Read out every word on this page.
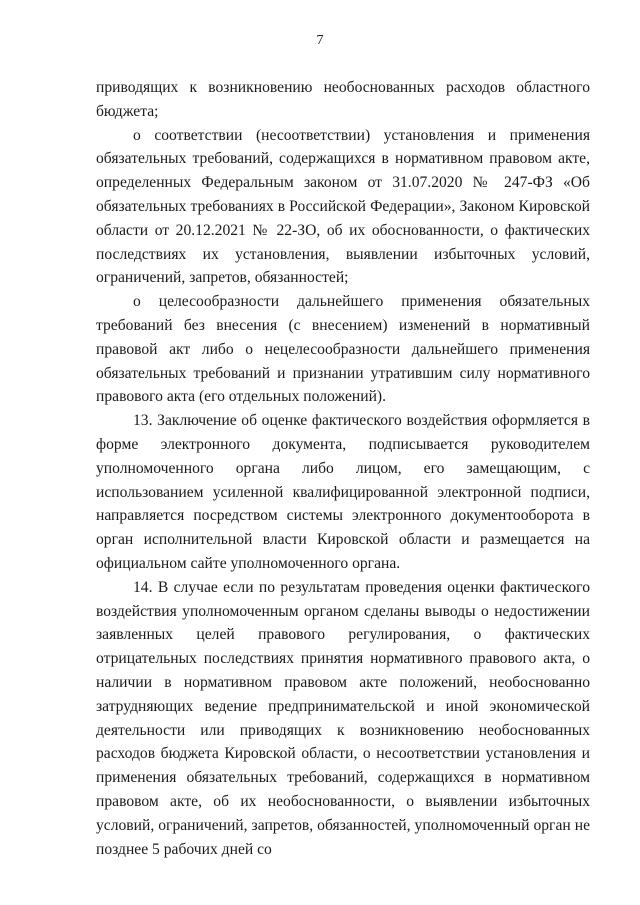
7

приводящих к возникновению необоснованных расходов областного бюджета;

о соответствии (несоответствии) установления и применения обязательных требований, содержащихся в нормативном правовом акте, определенных Федеральным законом от 31.07.2020 № 247-ФЗ «Об обязательных требованиях в Российской Федерации», Законом Кировской области от 20.12.2021 № 22-ЗО, об их обоснованности, о фактических последствиях их установления, выявлении избыточных условий, ограничений, запретов, обязанностей;

о целесообразности дальнейшего применения обязательных требований без внесения (с внесением) изменений в нормативный правовой акт либо о нецелесообразности дальнейшего применения обязательных требований и признании утратившим силу нормативного правового акта (его отдельных положений).

13. Заключение об оценке фактического воздействия оформляется в форме электронного документа, подписывается руководителем уполномоченного органа либо лицом, его замещающим, с использованием усиленной квалифицированной электронной подписи, направляется посредством системы электронного документооборота в орган исполнительной власти Кировской области и размещается на официальном сайте уполномоченного органа.

14. В случае если по результатам проведения оценки фактического воздействия уполномоченным органом сделаны выводы о недостижении заявленных целей правового регулирования, о фактических отрицательных последствиях принятия нормативного правового акта, о наличии в нормативном правовом акте положений, необоснованно затрудняющих ведение предпринимательской и иной экономической деятельности или приводящих к возникновению необоснованных расходов бюджета Кировской области, о несоответствии установления и применения обязательных требований, содержащихся в нормативном правовом акте, об их необоснованности, о выявлении избыточных условий, ограничений, запретов, обязанностей, уполномоченный орган не позднее 5 рабочих дней со
